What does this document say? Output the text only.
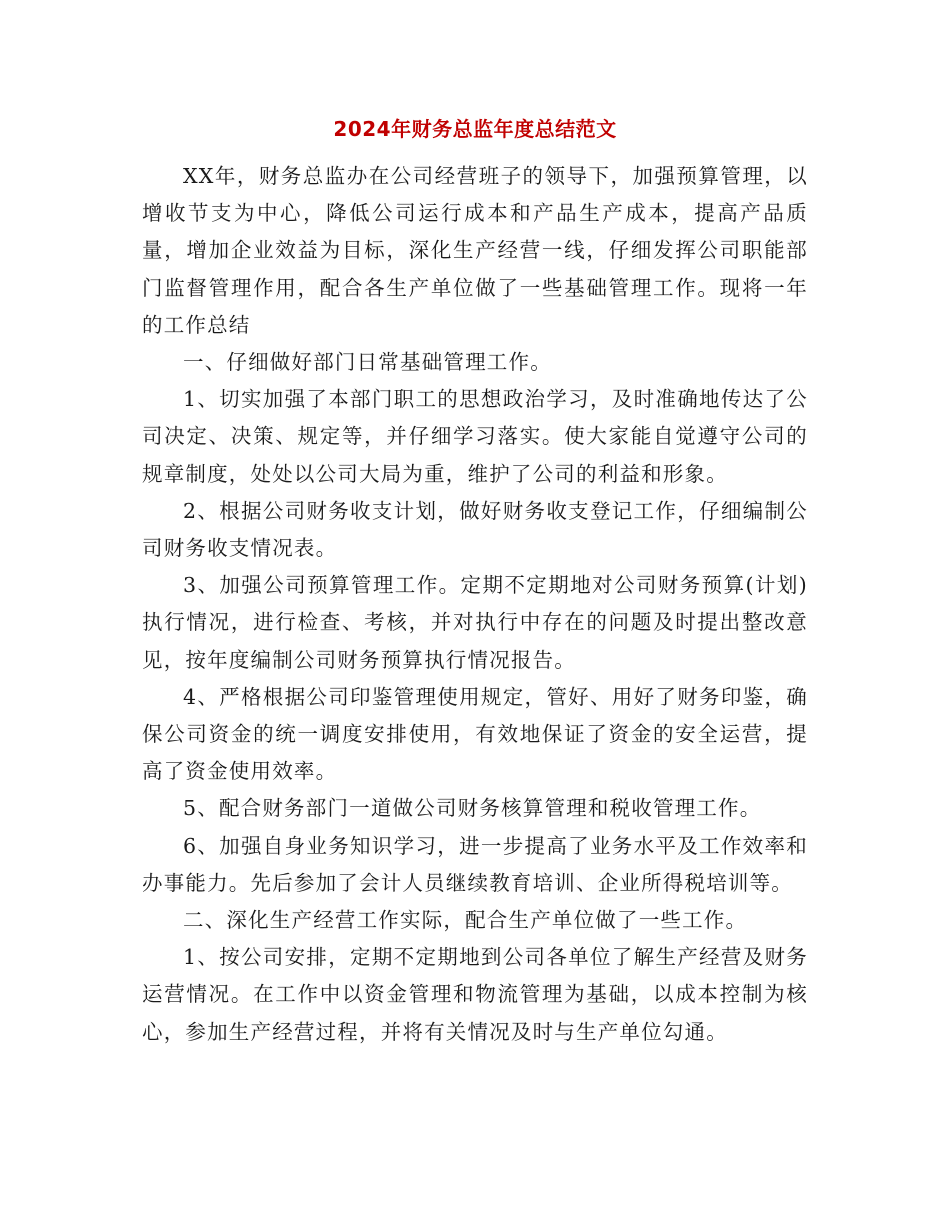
2024年财务总监年度总结范文

XX年，财务总监办在公司经营班子的领导下，加强预算管理，以增收节支为中心，降低公司运行成本和产品生产成本，提高产品质量，增加企业效益为目标，深化生产经营一线，仔细发挥公司职能部门监督管理作用，配合各生产单位做了一些基础管理工作。现将一年的工作总结

一、仔细做好部门日常基础管理工作。

1、切实加强了本部门职工的思想政治学习，及时准确地传达了公司决定、决策、规定等，并仔细学习落实。使大家能自觉遵守公司的规章制度，处处以公司大局为重，维护了公司的利益和形象。

2、根据公司财务收支计划，做好财务收支登记工作，仔细编制公司财务收支情况表。

3、加强公司预算管理工作。定期不定期地对公司财务预算(计划)执行情况，进行检查、考核，并对执行中存在的问题及时提出整改意见，按年度编制公司财务预算执行情况报告。

4、严格根据公司印鉴管理使用规定，管好、用好了财务印鉴，确保公司资金的统一调度安排使用，有效地保证了资金的安全运营，提高了资金使用效率。

5、配合财务部门一道做公司财务核算管理和税收管理工作。

6、加强自身业务知识学习，进一步提高了业务水平及工作效率和办事能力。先后参加了会计人员继续教育培训、企业所得税培训等。

二、深化生产经营工作实际，配合生产单位做了一些工作。

1、按公司安排，定期不定期地到公司各单位了解生产经营及财务运营情况。在工作中以资金管理和物流管理为基础，以成本控制为核心，参加生产经营过程，并将有关情况及时与生产单位勾通。
